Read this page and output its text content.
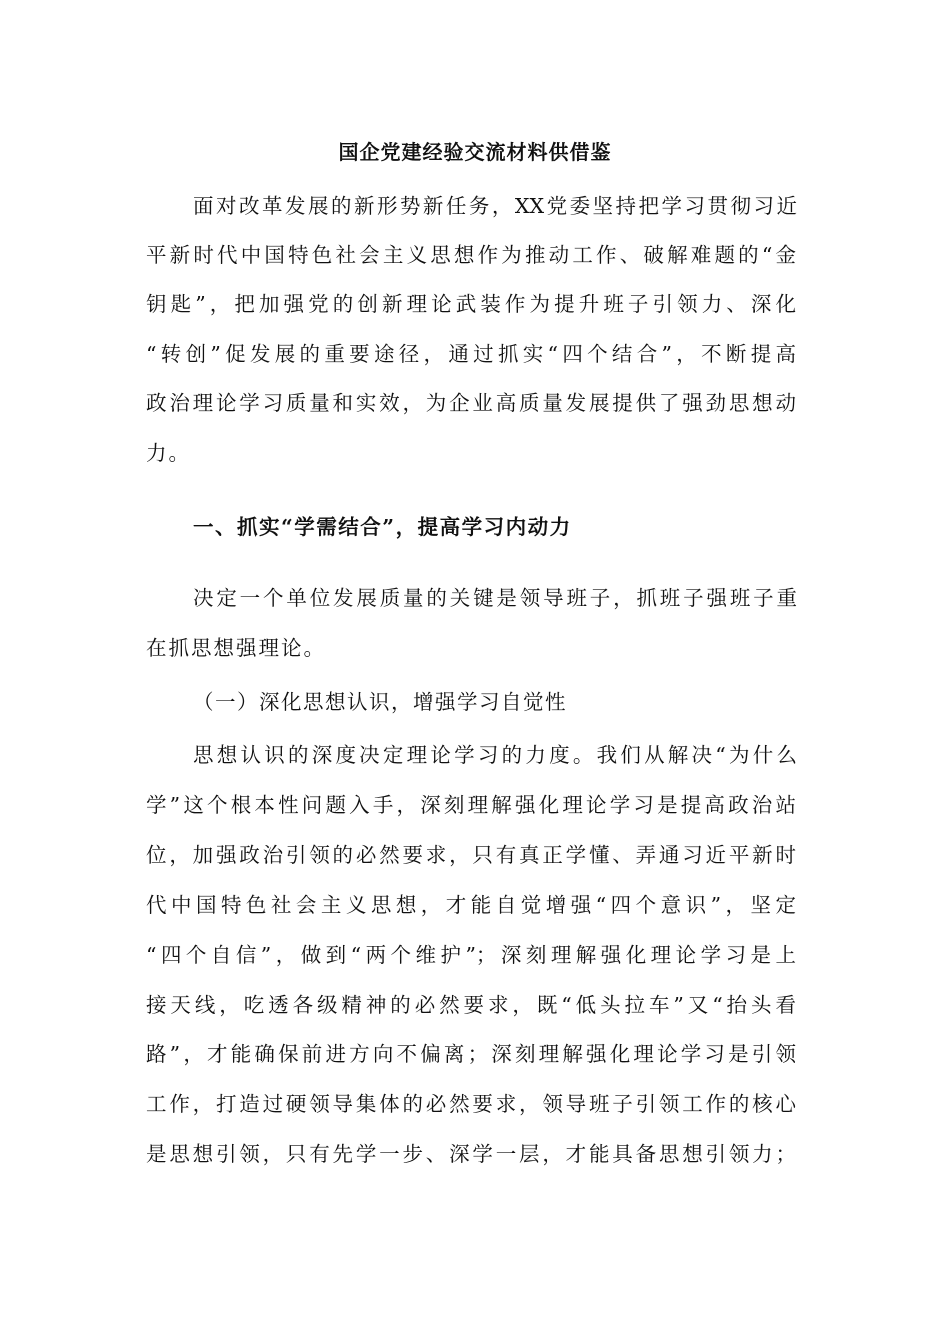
国企党建经验交流材料供借鉴
面对改革发展的新形势新任务，XX党委坚持把学习贯彻习近
平新时代中国特色社会主义思想作为推动工作、破解难题的“金
钥匙”，把加强党的创新理论武装作为提升班子引领力、深化
“转创”促发展的重要途径，通过抓实“四个结合”，不断提高
政治理论学习质量和实效，为企业高质量发展提供了强劲思想动
力。
一、抓实“学需结合”，提高学习内动力
决定一个单位发展质量的关键是领导班子，抓班子强班子重
在抓思想强理论。
（一）深化思想认识，增强学习自觉性
思想认识的深度决定理论学习的力度。我们从解决“为什么
学”这个根本性问题入手，深刻理解强化理论学习是提高政治站
位，加强政治引领的必然要求，只有真正学懂、弄通习近平新时
代中国特色社会主义思想，才能自觉增强“四个意识”，坚定
“四个自信”，做到“两个维护”；深刻理解强化理论学习是上
接天线，吃透各级精神的必然要求，既“低头拉车”又“抬头看
路”，才能确保前进方向不偏离；深刻理解强化理论学习是引领
工作，打造过硬领导集体的必然要求，领导班子引领工作的核心
是思想引领，只有先学一步、深学一层，才能具备思想引领力；
